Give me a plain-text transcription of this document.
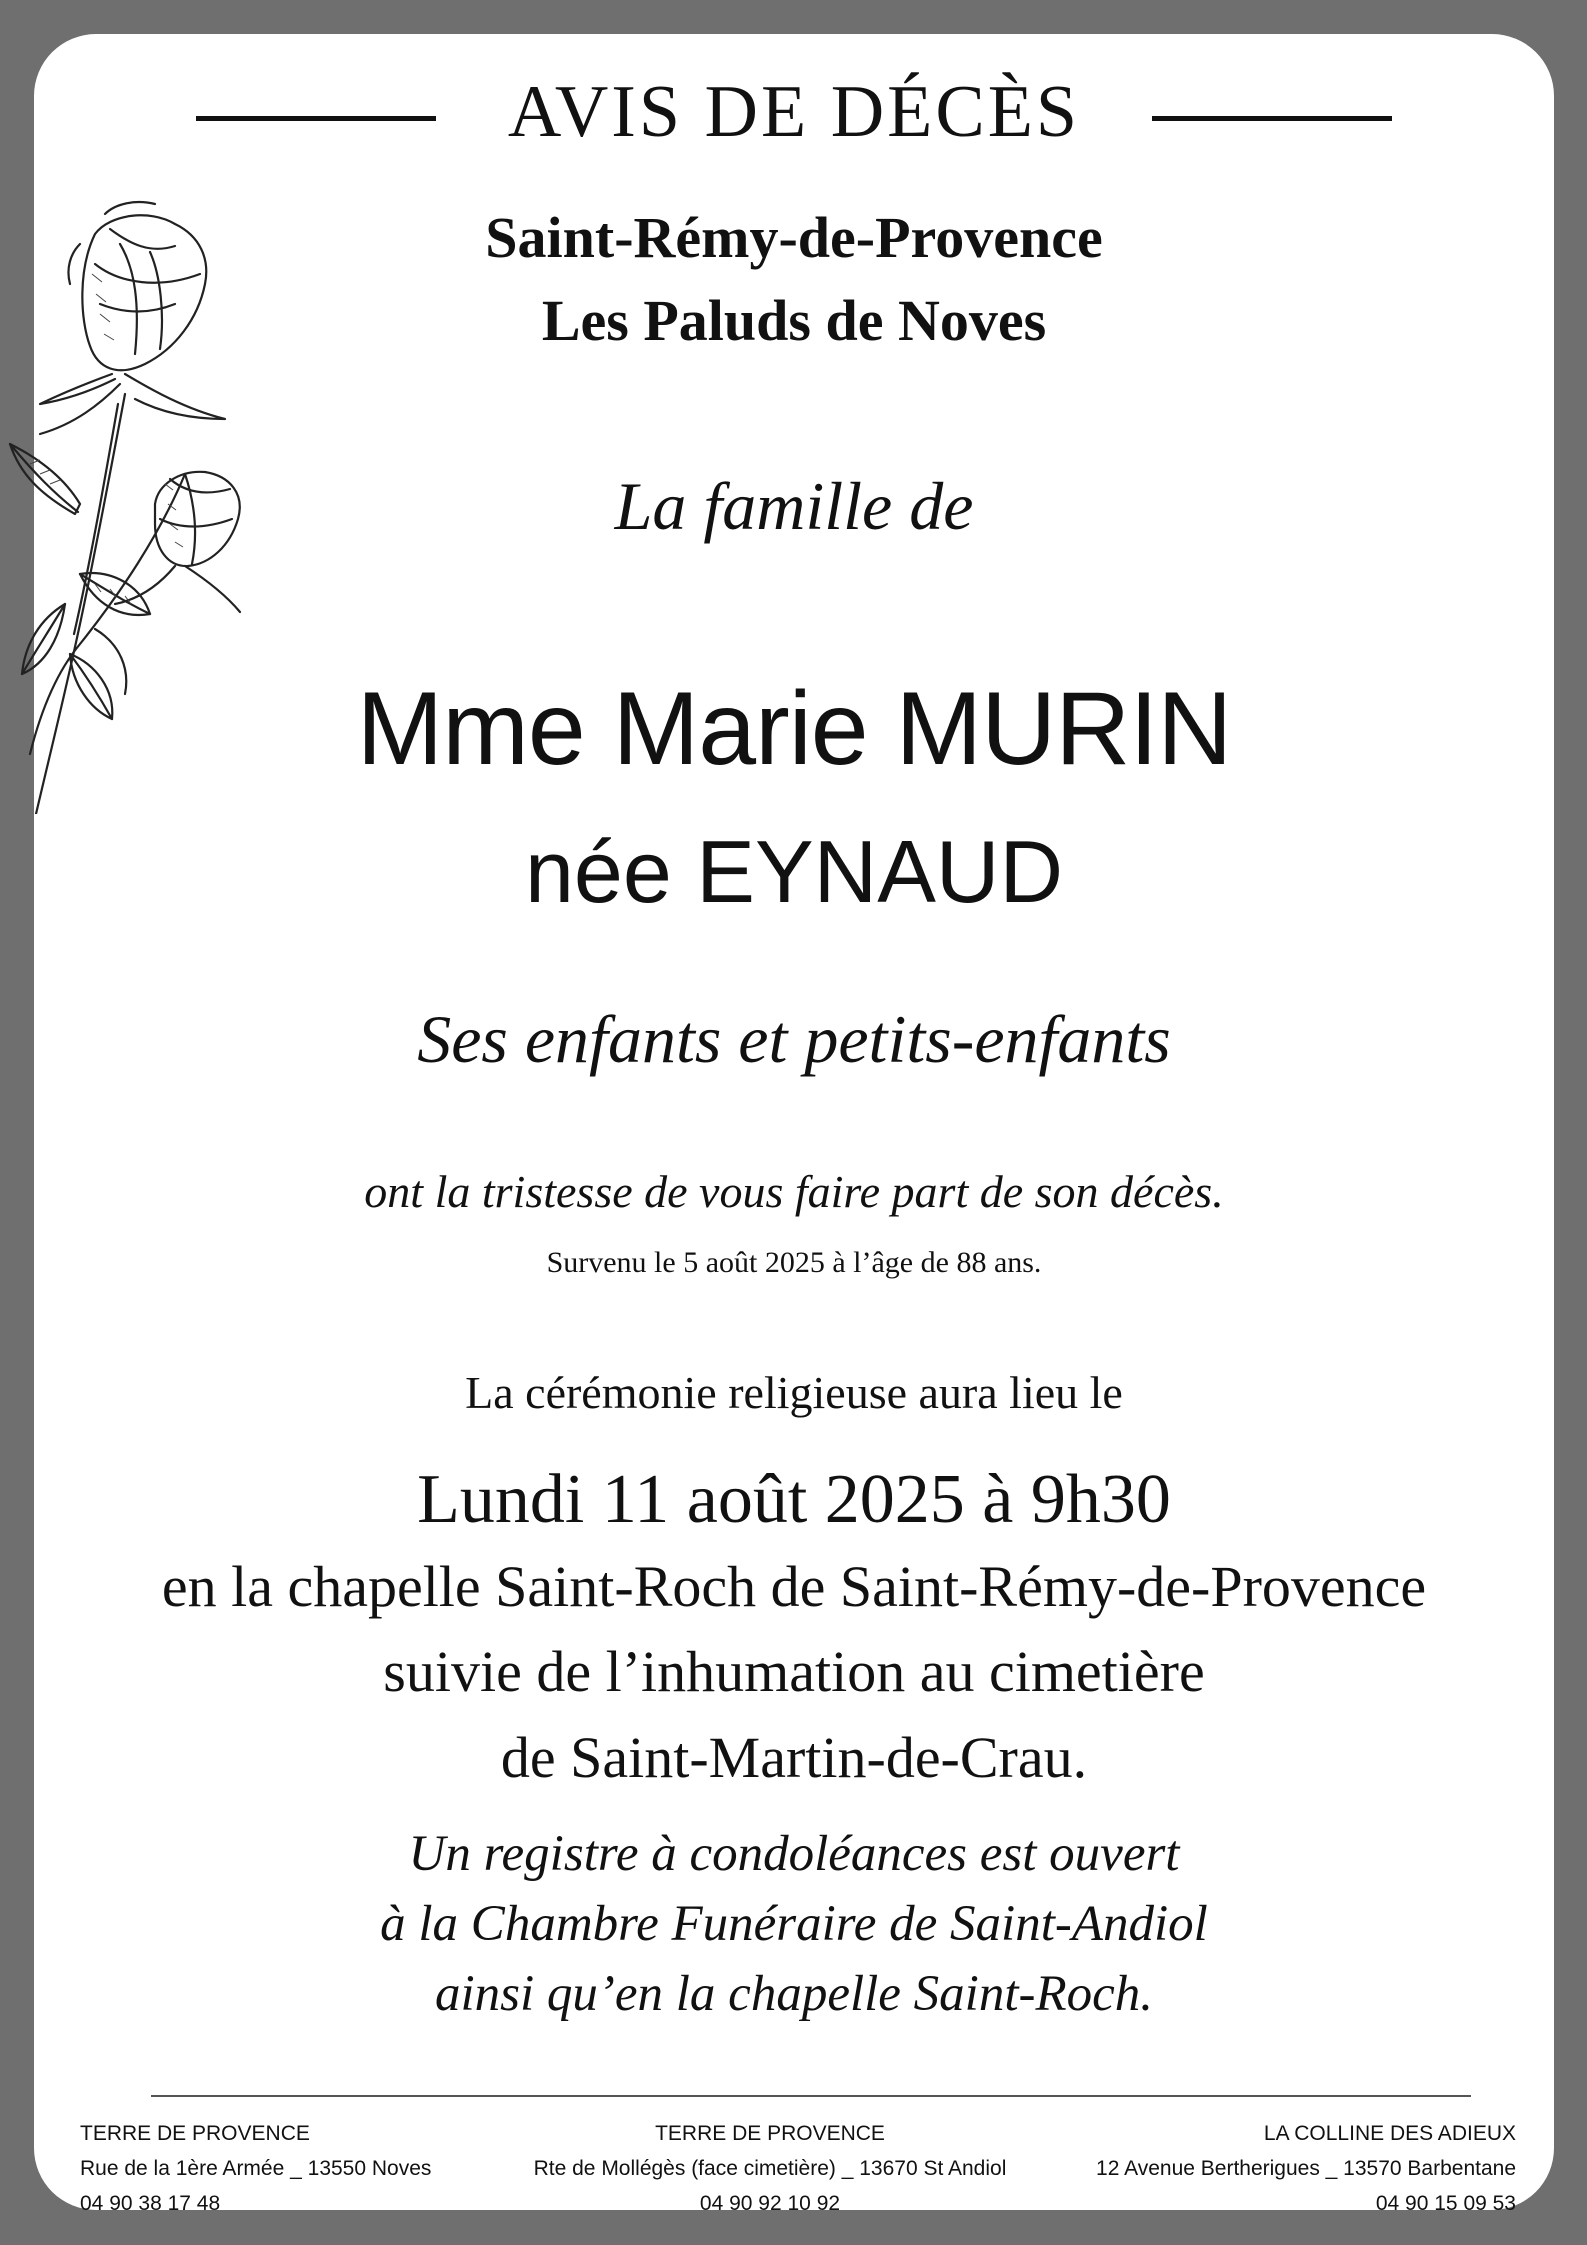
AVIS DE DÉCÈS
Saint-Rémy-de-Provence
Les Paluds de Noves
La famille de
Mme Marie MURIN
née EYNAUD
Ses enfants et petits-enfants
ont la tristesse de vous faire part de son décès.
Survenu le 5 août 2025 à l’âge de 88 ans.
La cérémonie religieuse aura lieu le
Lundi 11 août 2025 à 9h30
en la chapelle Saint-Roch de Saint-Rémy-de-Provence
suivie de l’inhumation au cimetière
de Saint-Martin-de-Crau.
Un registre à condoléances est ouvert
à la Chambre Funéraire de Saint-Andiol
ainsi qu’en la chapelle Saint-Roch.
TERRE DE PROVENCE
Rue de la 1ère Armée _ 13550 Noves
04 90 38 17 48
TERRE DE PROVENCE
Rte de Mollégès (face cimetière) _ 13670 St Andiol
04 90 92 10 92
LA COLLINE DES ADIEUX
12 Avenue Bertherigues _ 13570 Barbentane
04 90 15 09 53
